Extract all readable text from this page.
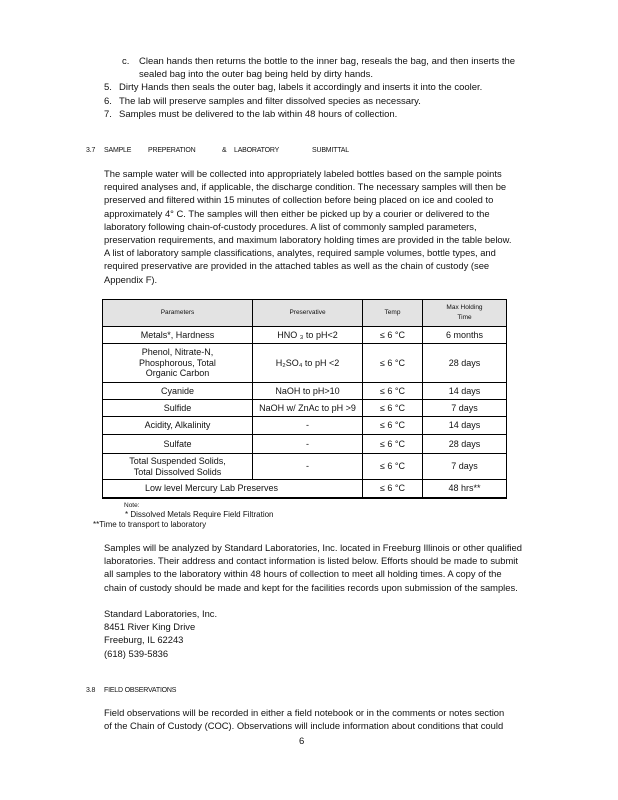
c. Clean hands then returns the bottle to the inner bag, reseals the bag, and then inserts the
sealed bag into the outer bag being held by dirty hands.
5. Dirty Hands then seals the outer bag, labels it accordingly and inserts it into the cooler.
6. The lab will preserve samples and filter dissolved species as necessary.
7. Samples must be delivered to the lab within 48 hours of collection.
3.7 SAMPLE PREPERATION	& LABORATORY	SUBMITTAL
The sample water will be collected into appropriately labeled bottles based on the sample points
required analyses and, if applicable, the discharge condition. The necessary samples will then be
preserved and filtered within 15 minutes of collection before being placed on ice and cooled to
approximately 4° C. The samples will then either be picked up by a courier or delivered to the
laboratory following chain-of-custody procedures. A list of commonly sampled parameters,
preservation requirements, and maximum laboratory holding times are provided in the table below.
A list of laboratory sample classifications, analytes, required sample volumes, bottle types, and
required preservative are provided in the attached tables as well as the chain of custody (see
Appendix F).
Parameters	Preservative	Temp	Max Holding
Time

Metals*, Hardness	HNO ₃ to pH<2	≤ 6 °C	6 months

Phenol, Nitrate-N,
Phosphorous, Total
Organic Carbon	H₂SO₄ to pH <2	≤ 6 °C	28 days
Cyanide	NaOH to pH>10	≤ 6 °C	14 days
Sulfide	NaOH w/ ZnAc to pH >9	≤ 6 °C	7 days
Acidity, Alkalinity	-	≤ 6 °C	14 days
Sulfate	-	≤ 6 °C	28 days

Total Suspended Solids,
Total Dissolved Solids	-	≤ 6 °C	7 days
Low level Mercury Lab Preserves		≤ 6 °C	48 hrs**
Note:
* Dissolved Metals Require Field Filtration
**Time to transport to laboratory
Samples will be analyzed by Standard Laboratories, Inc. located in Freeburg Illinois or other qualified
laboratories. Their address and contact information is listed below. Efforts should be made to submit
all samples to the laboratory within 48 hours of collection to meet all holding times. A copy of the
chain of custody should be made and kept for the facilities records upon submission of the samples.
Standard Laboratories, Inc.
8451 River King Drive
Freeburg, IL 62243
(618) 539-5836
3.8 FIELD OBSERVATIONS
Field observations will be recorded in either a field notebook or in the comments or notes section
of the Chain of Custody (COC). Observations will include information about conditions that could
6
